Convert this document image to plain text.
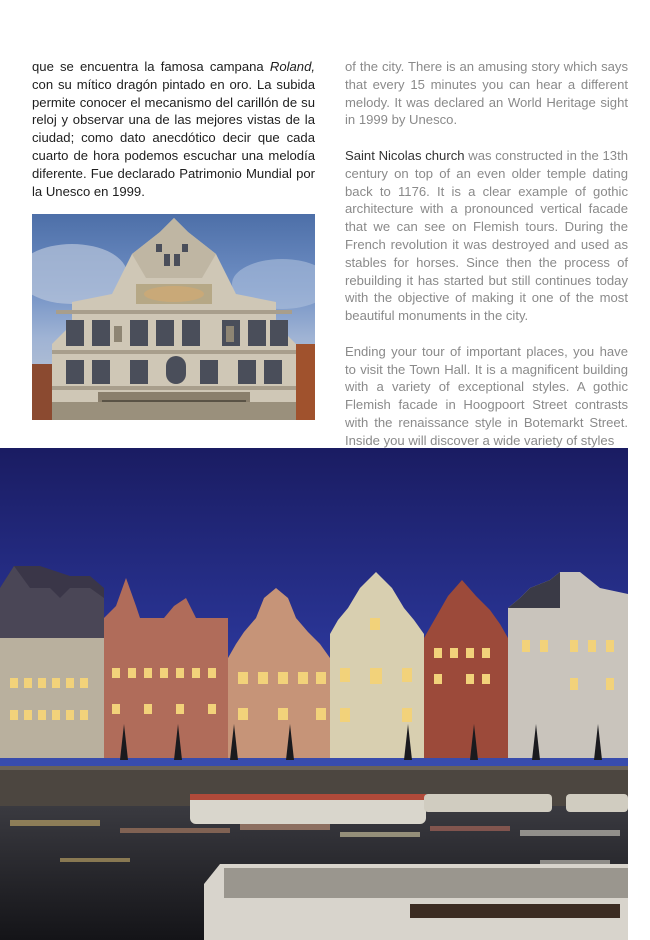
que se encuentra la famosa campana Roland, con su mítico dragón pintado en oro. La subida permite conocer el mecanismo del carillón de su reloj y observar una de las mejores vistas de la ciudad; como dato anecdótico decir que cada cuarto de hora podemos escuchar una melodía diferente. Fue declarado Patrimonio Mundial por la Unesco en 1999.

of the city. There is an amusing story which says that every 15 minutes you can hear a different melody. It was declared an World Heritage sight in 1999 by Unesco.

Saint Nicolas church was constructed in the 13th century on top of an even older temple dating back to 1176. It is a clear example of gothic architecture with a pronounced vertical facade that we can see on Flemish tours. During the French revolution it was destroyed and used as stables for horses. Since then the process of rebuilding it has started but still continues today with the objective of making it one of the most beautiful monuments in the city.

Ending your tour of important places, you have to visit the Town Hall. It is a magnificent building with a variety of exceptional styles. A gothic Flemish facade in Hoogpoort Street contrasts with the renaissance style in Botemarkt Street. Inside you will discover a wide variety of styles
